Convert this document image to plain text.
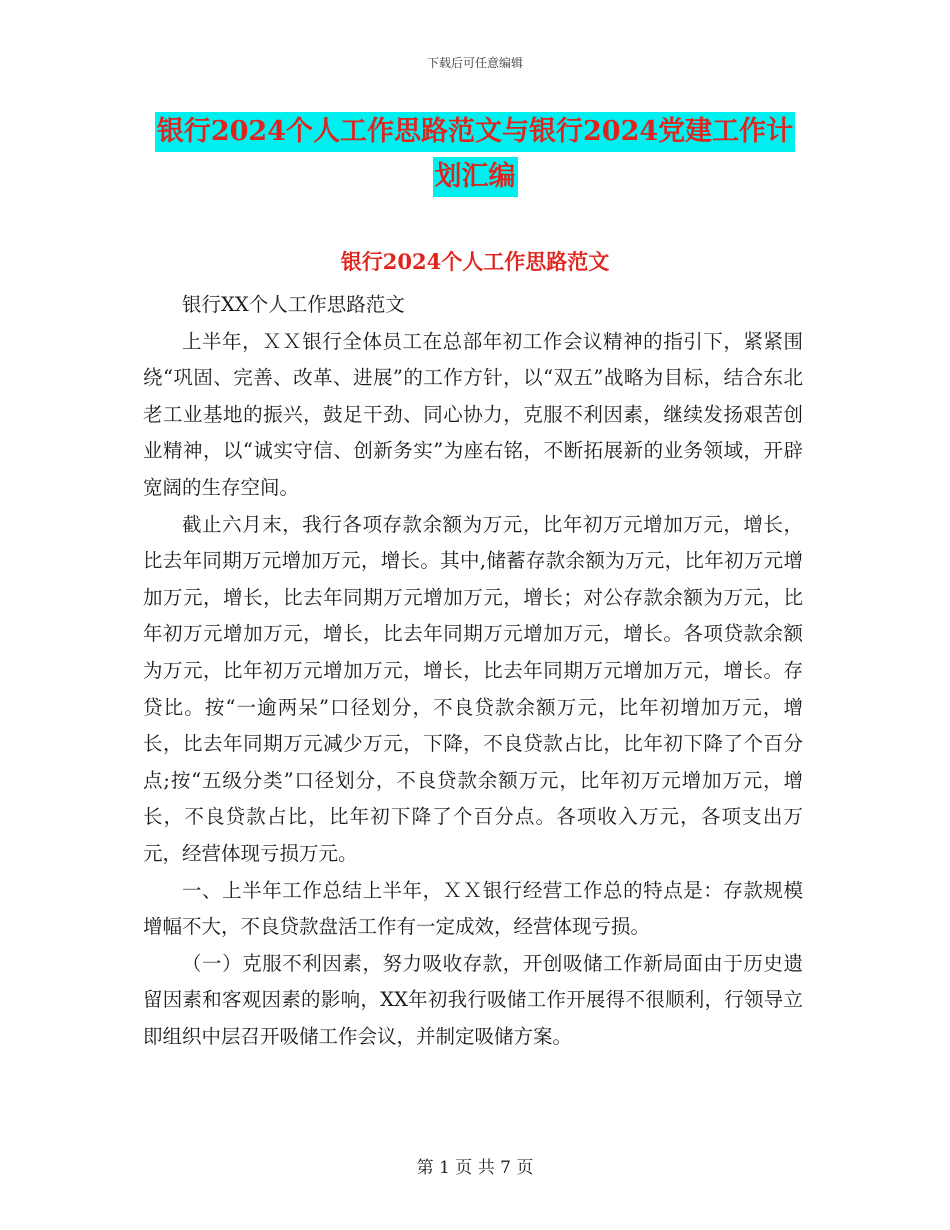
下载后可任意编辑
银行2024个人工作思路范文与银行2024党建工作计
划汇编
银行2024个人工作思路范文

银行XX个人工作思路范文

上半年，ＸＸ银行全体员工在总部年初工作会议精神的指引下，紧紧围绕“巩固、完善、改革、进展”的工作方针，以“双五”战略为目标，结合东北老工业基地的振兴，鼓足干劲、同心协力，克服不利因素，继续发扬艰苦创业精神，以“诚实守信、创新务实”为座右铭，不断拓展新的业务领域，开辟宽阔的生存空间。

截止六月末，我行各项存款余额为万元，比年初万元增加万元，增长，比去年同期万元增加万元，增长。其中,储蓄存款余额为万元，比年初万元增加万元，增长，比去年同期万元增加万元，增长；对公存款余额为万元，比年初万元增加万元，增长，比去年同期万元增加万元，增长。各项贷款余额为万元，比年初万元增加万元，增长，比去年同期万元增加万元，增长。存贷比。按“一逾两呆”口径划分，不良贷款余额万元，比年初增加万元，增长，比去年同期万元减少万元，下降，不良贷款占比，比年初下降了个百分点;按“五级分类”口径划分，不良贷款余额万元，比年初万元增加万元，增长，不良贷款占比，比年初下降了个百分点。各项收入万元，各项支出万元，经营体现亏损万元。

一、上半年工作总结上半年，ＸＸ银行经营工作总的特点是：存款规模增幅不大，不良贷款盘活工作有一定成效，经营体现亏损。

（一）克服不利因素，努力吸收存款，开创吸储工作新局面由于历史遗留因素和客观因素的影响，XX年初我行吸储工作开展得不很顺利，行领导立即组织中层召开吸储工作会议，并制定吸储方案。

第 1 页 共 7 页
